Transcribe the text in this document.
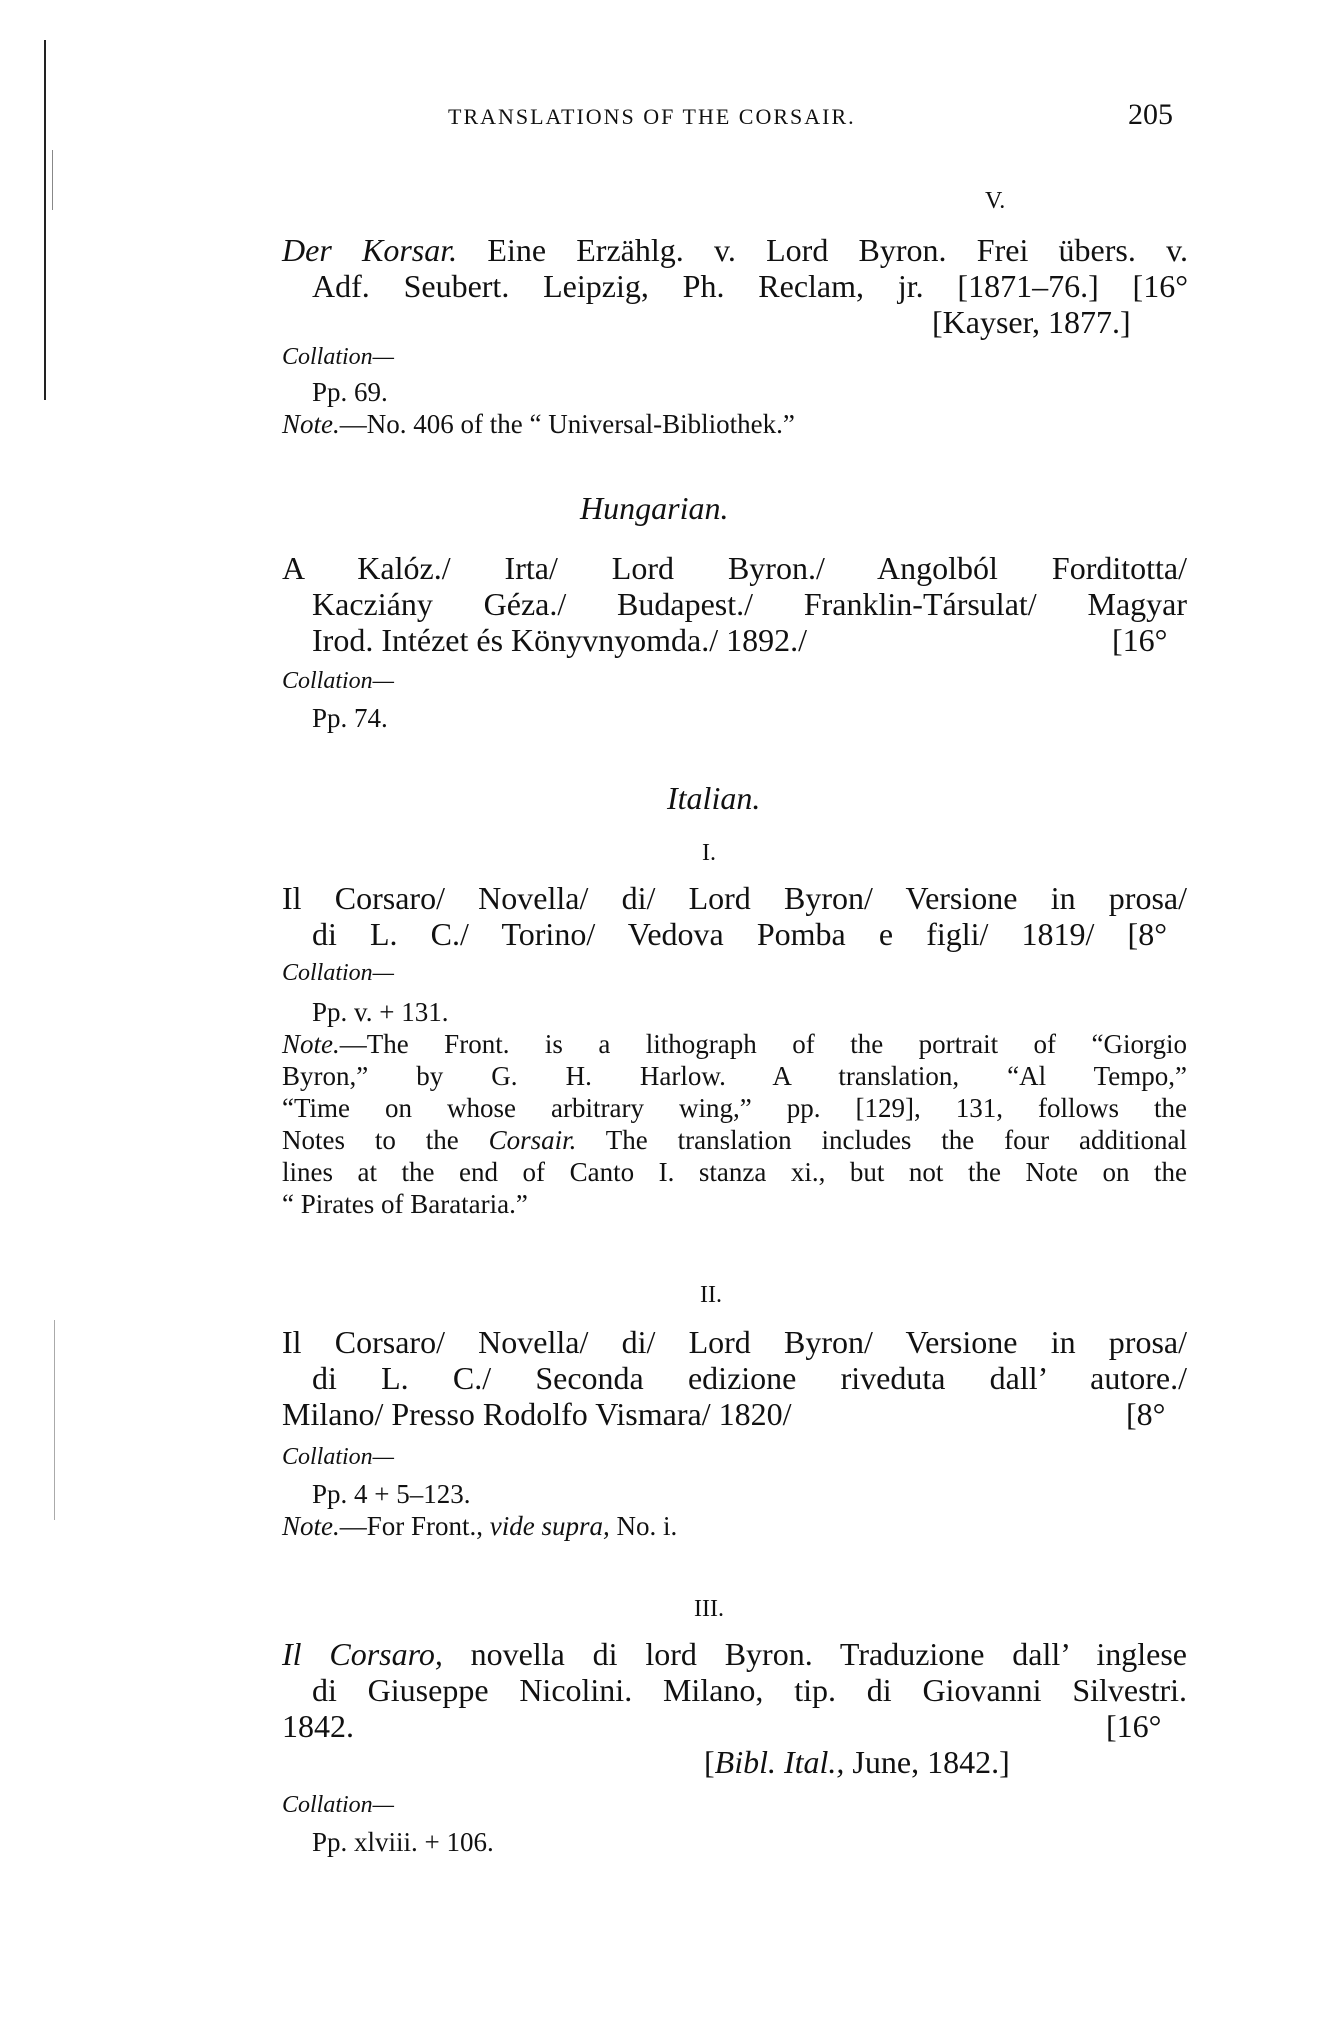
TRANSLATIONS OF THE CORSAIR.	205
V.
Der Korsar. Eine Erzählg. v. Lord Byron. Frei übers. v.
Adf. Seubert. Leipzig, Ph. Reclam, jr. [1871–76.] [16°
[Kayser, 1877.]
Collation—
Pp. 69.
Note.—No. 406 of the “ Universal-Bibliothek.”
Hungarian.
A Kalóz./ Irta/ Lord Byron./ Angolból Forditotta/
Kacziány Géza./ Budapest./ Franklin-Társulat/ Magyar
Irod. Intézet és Könyvnyomda./ 1892./	[16°
Collation—
Pp. 74.
Italian.
I.
Il Corsaro/ Novella/ di/ Lord Byron/ Versione in prosa/
di L. C./ Torino/ Vedova Pomba e figli/ 1819/ [8°
Collation—
Pp. v. + 131.
Note.—The Front. is a lithograph of the portrait of “Giorgio
Byron,” by G. H. Harlow. A translation, “Al Tempo,”
“Time on whose arbitrary wing,” pp. [129], 131, follows the
Notes to the Corsair. The translation includes the four additional
lines at the end of Canto I. stanza xi., but not the Note on the
“ Pirates of Barataria.”
II.
Il Corsaro/ Novella/ di/ Lord Byron/ Versione in prosa/
di L. C./ Seconda edizione riveduta dall’ autore./
Milano/ Presso Rodolfo Vismara/ 1820/	[8°
Collation—
Pp. 4 + 5–123.
Note.—For Front., vide supra, No. i.
III.
Il Corsaro, novella di lord Byron. Traduzione dall’ inglese
di Giuseppe Nicolini. Milano, tip. di Giovanni Silvestri.
1842.	[16°
[Bibl. Ital., June, 1842.]
Collation—
Pp. xlviii. + 106.
